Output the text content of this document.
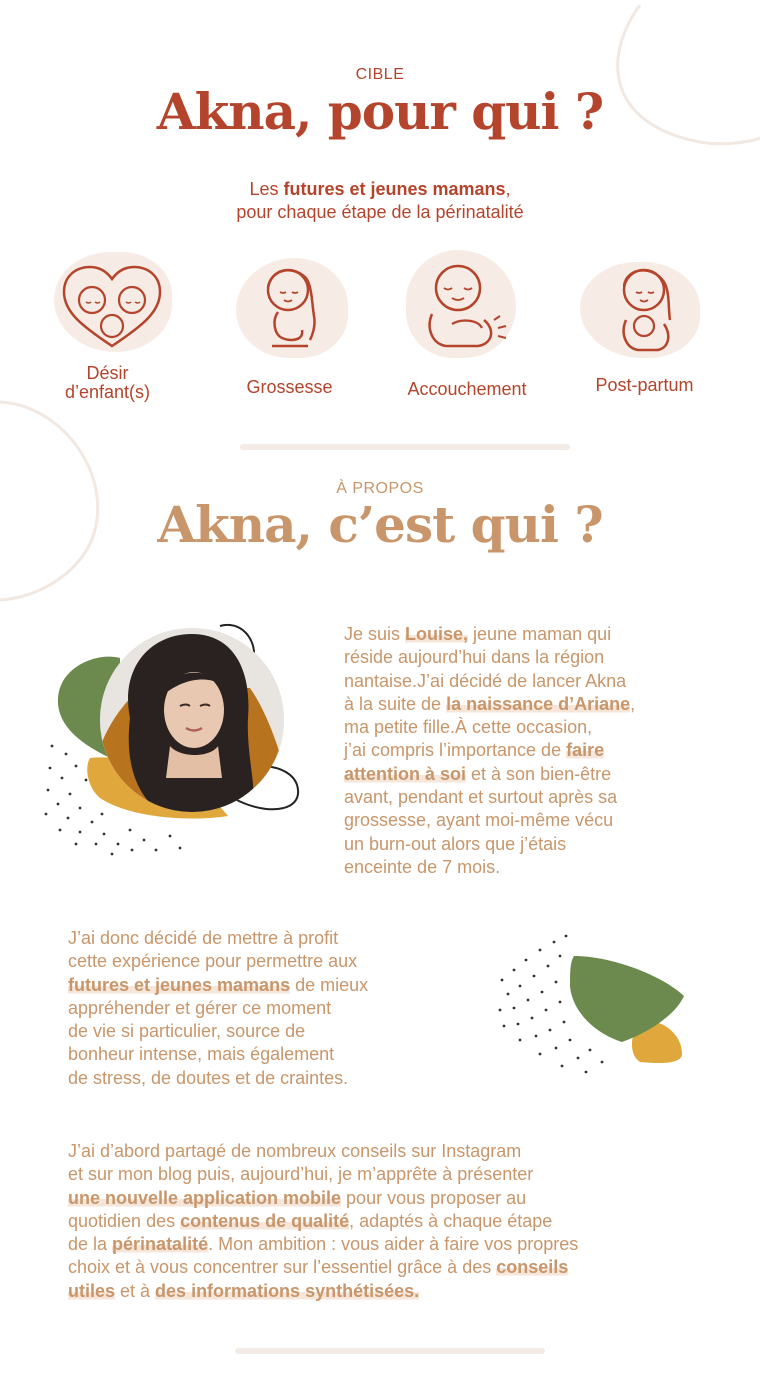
CIBLE
Akna, pour qui ?
Les futures et jeunes mamans,
pour chaque étape de la périnatalité
Désir
d’enfant(s)	Grossesse	Accouchement	Post-partum
À PROPOS
Akna, c’est qui ?
Je suis Louise, jeune maman qui
réside aujourd’hui dans la région
nantaise.J’ai décidé de lancer Akna
à la suite de la naissance d’Ariane,
ma petite fille.À cette occasion,
j’ai compris l’importance de faire
attention à soi et à son bien-être
avant, pendant et surtout après sa
grossesse, ayant moi-même vécu
un burn-out alors que j’étais
enceinte de 7 mois.
J’ai donc décidé de mettre à profit
cette expérience pour permettre aux
futures et jeunes mamans de mieux
appréhender et gérer ce moment
de vie si particulier, source de
bonheur intense, mais également
de stress, de doutes et de craintes.
J’ai d’abord partagé de nombreux conseils sur Instagram
et sur mon blog puis, aujourd’hui, je m’apprête à présenter
une nouvelle application mobile pour vous proposer au
quotidien des contenus de qualité, adaptés à chaque étape
de la périnatalité. Mon ambition : vous aider à faire vos propres
choix et à vous concentrer sur l’essentiel grâce à des conseils
utiles et à des informations synthétisées.
